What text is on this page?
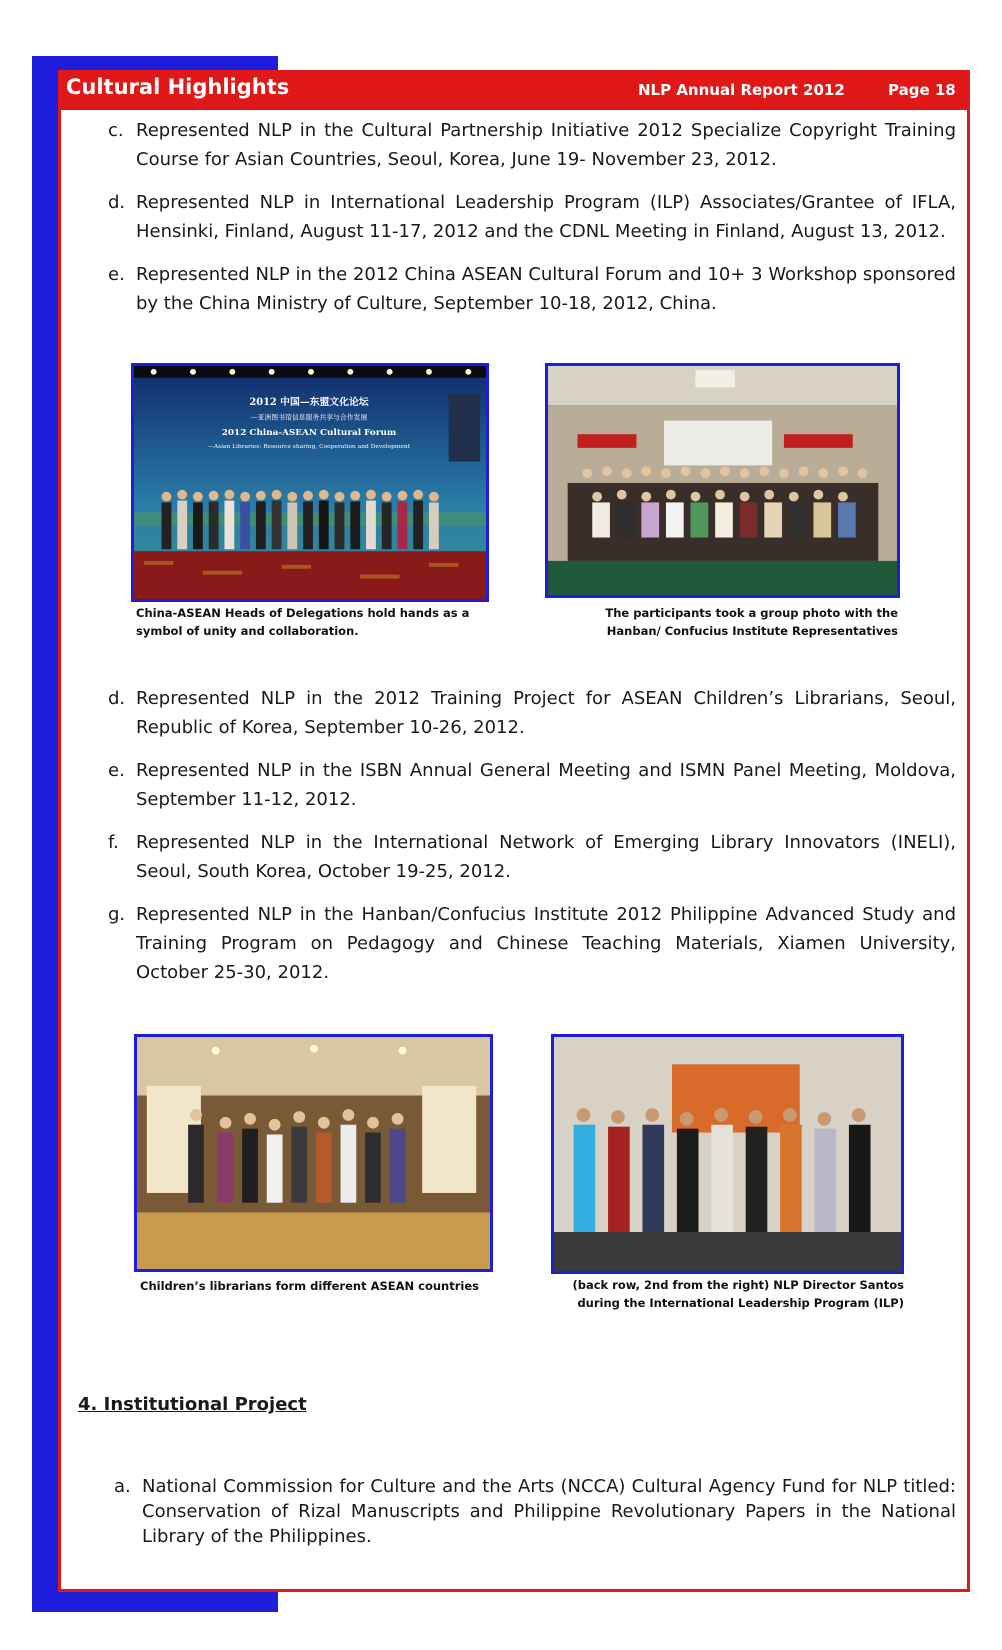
Cultural Highlights	NLP Annual Report 2012	Page 18
c. Represented NLP in the Cultural Partnership Initiative 2012 Specialize Copyright Training Course for Asian Countries, Seoul, Korea, June 19- November 23, 2012.
d. Represented NLP in International Leadership Program (ILP) Associates/Grantee of IFLA, Hensinki, Finland, August 11-17, 2012 and the CDNL Meeting in Finland, August 13, 2012.
e. Represented NLP in the 2012 China ASEAN Cultural Forum and 10+ 3 Workshop sponsored by the China Ministry of Culture, September 10-18, 2012, China.
2012 中国—东盟文化论坛
—亚洲图书馆信息服务共享与合作发展
2012 China-ASEAN Cultural Forum
—Asian Libraries: Resource sharing, Cooperation and Development
China-ASEAN Heads of Delegations hold hands as a symbol of unity and collaboration.
The participants took a group photo with the Hanban/ Confucius Institute Representatives
d. Represented NLP in the 2012 Training Project for ASEAN Children’s Librarians, Seoul, Republic of Korea, September 10-26, 2012.
e. Represented NLP in the ISBN Annual General Meeting and ISMN Panel Meeting, Moldova, September 11-12, 2012.
f. Represented NLP in the International Network of Emerging Library Innovators (INELI), Seoul, South Korea, October 19-25, 2012.
g. Represented NLP in the Hanban/Confucius Institute 2012 Philippine Advanced Study and Training Program on Pedagogy and Chinese Teaching Materials, Xiamen University, October 25-30, 2012.
Children’s librarians form different ASEAN countries	(back row, 2nd from the right) NLP Director Santos during the International Leadership Program (ILP)
4. Institutional Project
a. National Commission for Culture and the Arts (NCCA) Cultural Agency Fund for NLP titled: Conservation of Rizal Manuscripts and Philippine Revolutionary Papers in the National Library of the Philippines.
